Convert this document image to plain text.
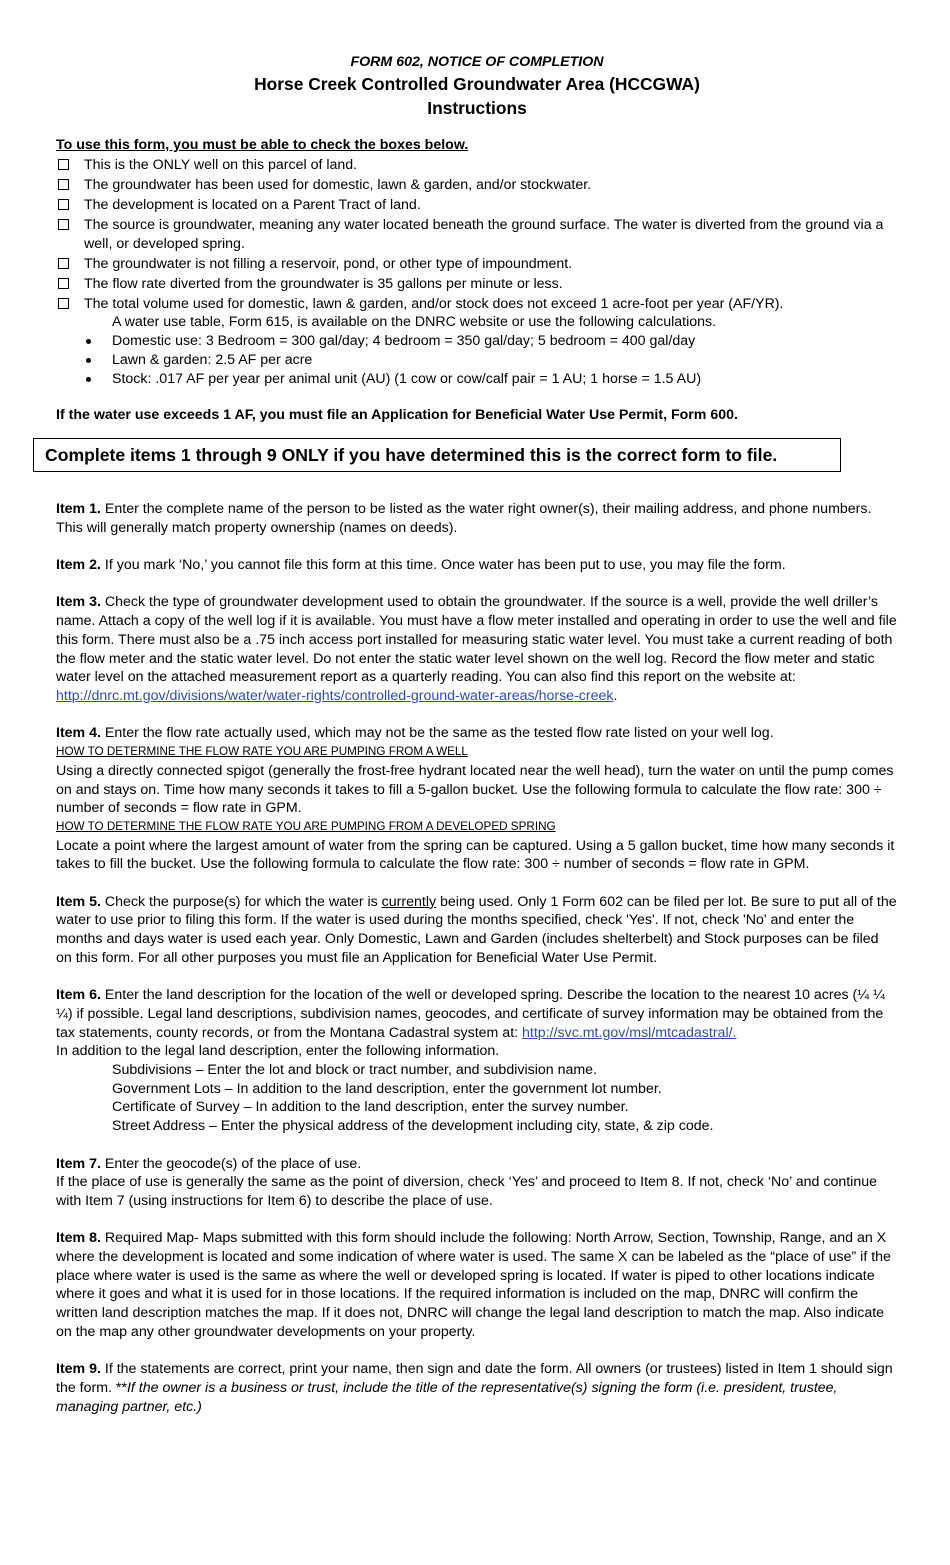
FORM 602, NOTICE OF COMPLETION
Horse Creek Controlled Groundwater Area (HCCGWA)
Instructions
To use this form, you must be able to check the boxes below.
This is the ONLY well on this parcel of land.
The groundwater has been used for domestic, lawn & garden, and/or stockwater.
The development is located on a Parent Tract of land.
The source is groundwater, meaning any water located beneath the ground surface. The water is diverted from the ground via a well, or developed spring.
The groundwater is not filling a reservoir, pond, or other type of impoundment.
The flow rate diverted from the groundwater is 35 gallons per minute or less.
The total volume used for domestic, lawn & garden, and/or stock does not exceed 1 acre-foot per year (AF/YR).
A water use table, Form 615, is available on the DNRC website or use the following calculations.
Domestic use: 3 Bedroom = 300 gal/day; 4 bedroom = 350 gal/day; 5 bedroom = 400 gal/day
Lawn & garden: 2.5 AF per acre
Stock: .017 AF per year per animal unit (AU) (1 cow or cow/calf pair = 1 AU; 1 horse = 1.5 AU)
If the water use exceeds 1 AF, you must file an Application for Beneficial Water Use Permit, Form 600.
Complete items 1 through 9 ONLY if you have determined this is the correct form to file.

Item 1. Enter the complete name of the person to be listed as the water right owner(s), their mailing address, and phone numbers. This will generally match property ownership (names on deeds).

Item 2. If you mark ‘No,’ you cannot file this form at this time. Once water has been put to use, you may file the form.

Item 3. Check the type of groundwater development used to obtain the groundwater. If the source is a well, provide the well driller’s name. Attach a copy of the well log if it is available. You must have a flow meter installed and operating in order to use the well and file this form. There must also be a .75 inch access port installed for measuring static water level. You must take a current reading of both the flow meter and the static water level. Do not enter the static water level shown on the well log. Record the flow meter and static water level on the attached measurement report as a quarterly reading. You can also find this report on the website at: http://dnrc.mt.gov/divisions/water/water-rights/controlled-ground-water-areas/horse-creek.

Item 4. Enter the flow rate actually used, which may not be the same as the tested flow rate listed on your well log.

HOW TO DETERMINE THE FLOW RATE YOU ARE PUMPING FROM A WELL

Using a directly connected spigot (generally the frost-free hydrant located near the well head), turn the water on until the pump comes on and stays on. Time how many seconds it takes to fill a 5-gallon bucket. Use the following formula to calculate the flow rate: 300 ÷ number of seconds = flow rate in GPM.

HOW TO DETERMINE THE FLOW RATE YOU ARE PUMPING FROM A DEVELOPED SPRING

Locate a point where the largest amount of water from the spring can be captured. Using a 5 gallon bucket, time how many seconds it takes to fill the bucket. Use the following formula to calculate the flow rate: 300 ÷ number of seconds = flow rate in GPM.

Item 5. Check the purpose(s) for which the water is currently being used. Only 1 Form 602 can be filed per lot. Be sure to put all of the water to use prior to filing this form. If the water is used during the months specified, check 'Yes'. If not, check 'No' and enter the months and days water is used each year. Only Domestic, Lawn and Garden (includes shelterbelt) and Stock purposes can be filed on this form. For all other purposes you must file an Application for Beneficial Water Use Permit.

Item 6. Enter the land description for the location of the well or developed spring. Describe the location to the nearest 10 acres (¼ ¼ ¼) if possible. Legal land descriptions, subdivision names, geocodes, and certificate of survey information may be obtained from the tax statements, county records, or from the Montana Cadastral system at: http://svc.mt.gov/msl/mtcadastral/.

In addition to the legal land description, enter the following information.

Subdivisions – Enter the lot and block or tract number, and subdivision name.

Government Lots – In addition to the land description, enter the government lot number.

Certificate of Survey – In addition to the land description, enter the survey number.

Street Address – Enter the physical address of the development including city, state, & zip code.

Item 7. Enter the geocode(s) of the place of use.

If the place of use is generally the same as the point of diversion, check ‘Yes’ and proceed to Item 8. If not, check ‘No’ and continue with Item 7 (using instructions for Item 6) to describe the place of use.

Item 8. Required Map- Maps submitted with this form should include the following: North Arrow, Section, Township, Range, and an X where the development is located and some indication of where water is used. The same X can be labeled as the “place of use” if the place where water is used is the same as where the well or developed spring is located. If water is piped to other locations indicate where it goes and what it is used for in those locations. If the required information is included on the map, DNRC will confirm the written land description matches the map. If it does not, DNRC will change the legal land description to match the map. Also indicate on the map any other groundwater developments on your property.

Item 9. If the statements are correct, print your name, then sign and date the form. All owners (or trustees) listed in Item 1 should sign the form. **If the owner is a business or trust, include the title of the representative(s) signing the form (i.e. president, trustee, managing partner, etc.)
